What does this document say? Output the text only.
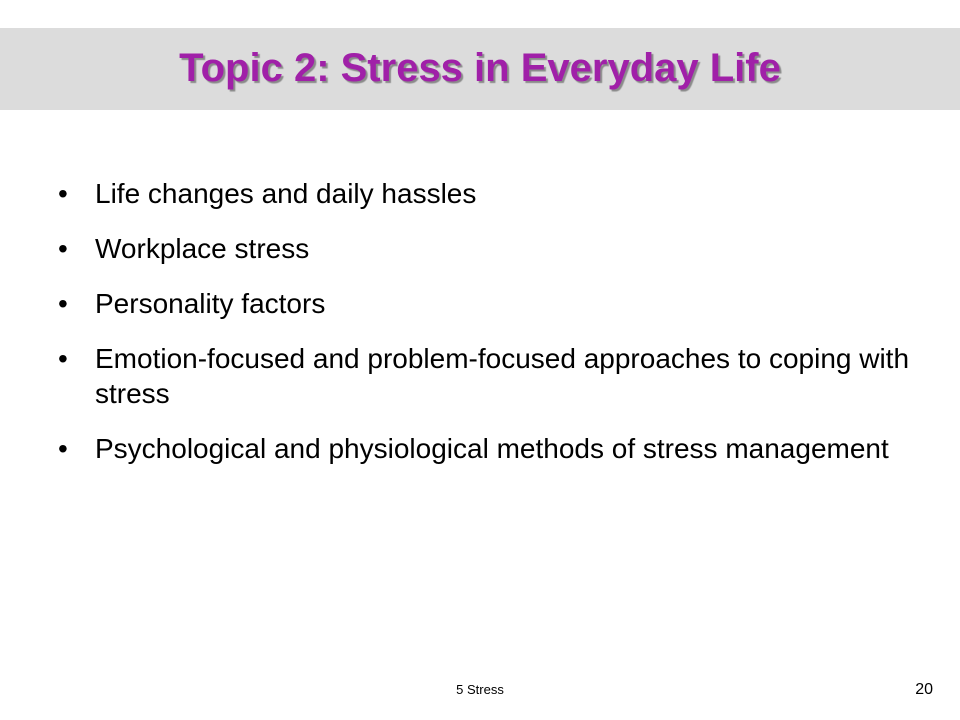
Topic 2: Stress in Everyday Life
• Life changes and daily hassles
• Workplace stress
• Personality factors
• Emotion-focused and problem-focused approaches to coping with stress
• Psychological and physiological methods of stress management
5 Stress	20
